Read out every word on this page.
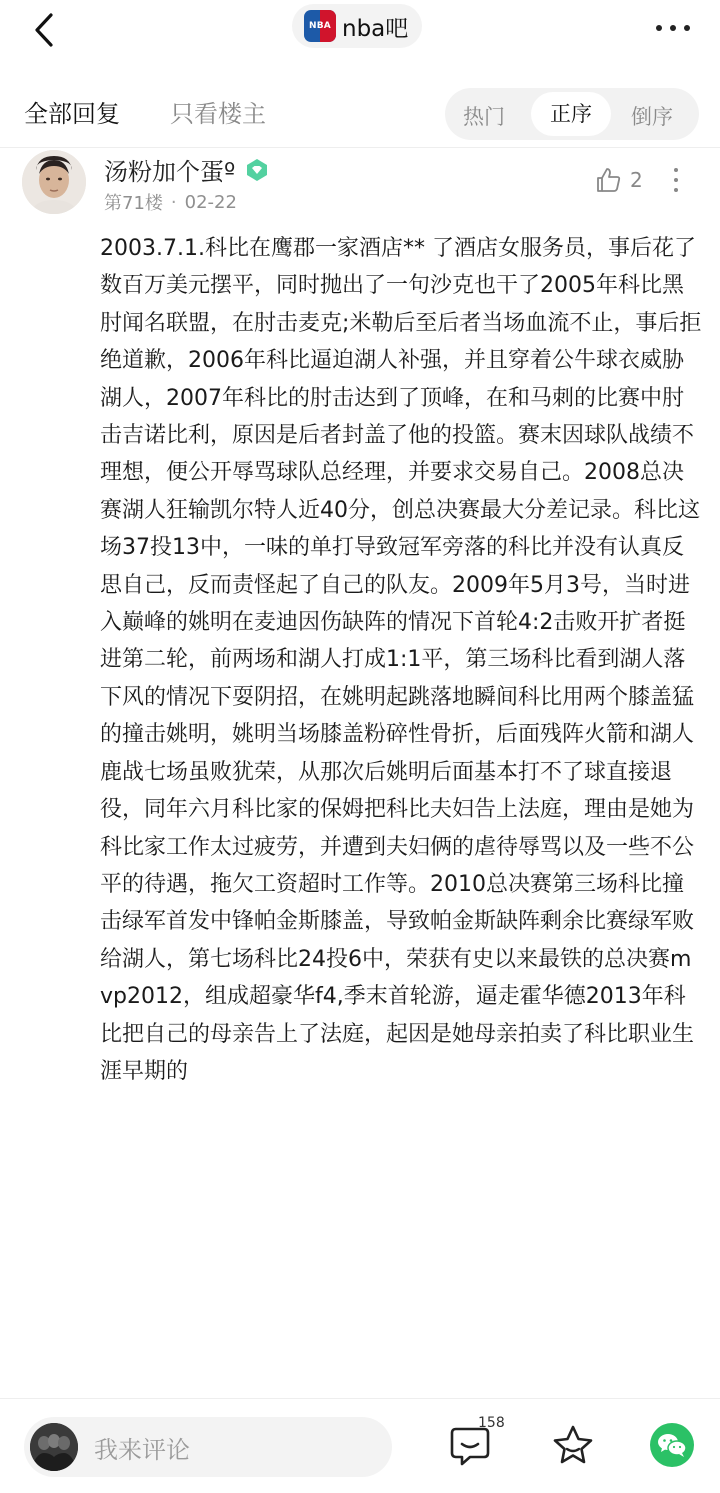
NBA nba吧
全部回复 只看楼主	热门	正序	倒序
汤粉加个蛋º
第71楼 · 02-22
2
2003.7.1.科比在鹰郡一家酒店** 了酒店女服务员，事后花了数百万美元摆平，同时抛出了一句沙克也干了2005年科比黑肘闻名联盟，在肘击麦克;米勒后至后者当场血流不止，事后拒绝道歉，2006年科比逼迫湖人补强，并且穿着公牛球衣威胁湖人，2007年科比的肘击达到了顶峰，在和马刺的比赛中肘击吉诺比利，原因是后者封盖了他的投篮。赛末因球队战绩不理想，便公开辱骂球队总经理，并要求交易自己。2008总决赛湖人狂输凯尔特人近40分，创总决赛最大分差记录。科比这场37投13中，一味的单打导致冠军旁落的科比并没有认真反思自己，反而责怪起了自己的队友。2009年5月3号，当时进入巅峰的姚明在麦迪因伤缺阵的情况下首轮4:2击败开扩者挺进第二轮，前两场和湖人打成1:1平，第三场科比看到湖人落下风的情况下耍阴招，在姚明起跳落地瞬间科比用两个膝盖猛的撞击姚明，姚明当场膝盖粉碎性骨折，后面残阵火箭和湖人鹿战七场虽败犹荣，从那次后姚明后面基本打不了球直接退役，同年六月科比家的保姆把科比夫妇告上法庭，理由是她为科比家工作太过疲劳，并遭到夫妇俩的虐待辱骂以及一些不公平的待遇，拖欠工资超时工作等。2010总决赛第三场科比撞击绿军首发中锋帕金斯膝盖，导致帕金斯缺阵剩余比赛绿军败给湖人，第七场科比24投6中，荣获有史以来最铁的总决赛mvp2012，组成超豪华f4,季末首轮游，逼走霍华德2013年科比把自己的母亲告上了法庭，起因是她母亲拍卖了科比职业生涯早期的
我来评论
158
